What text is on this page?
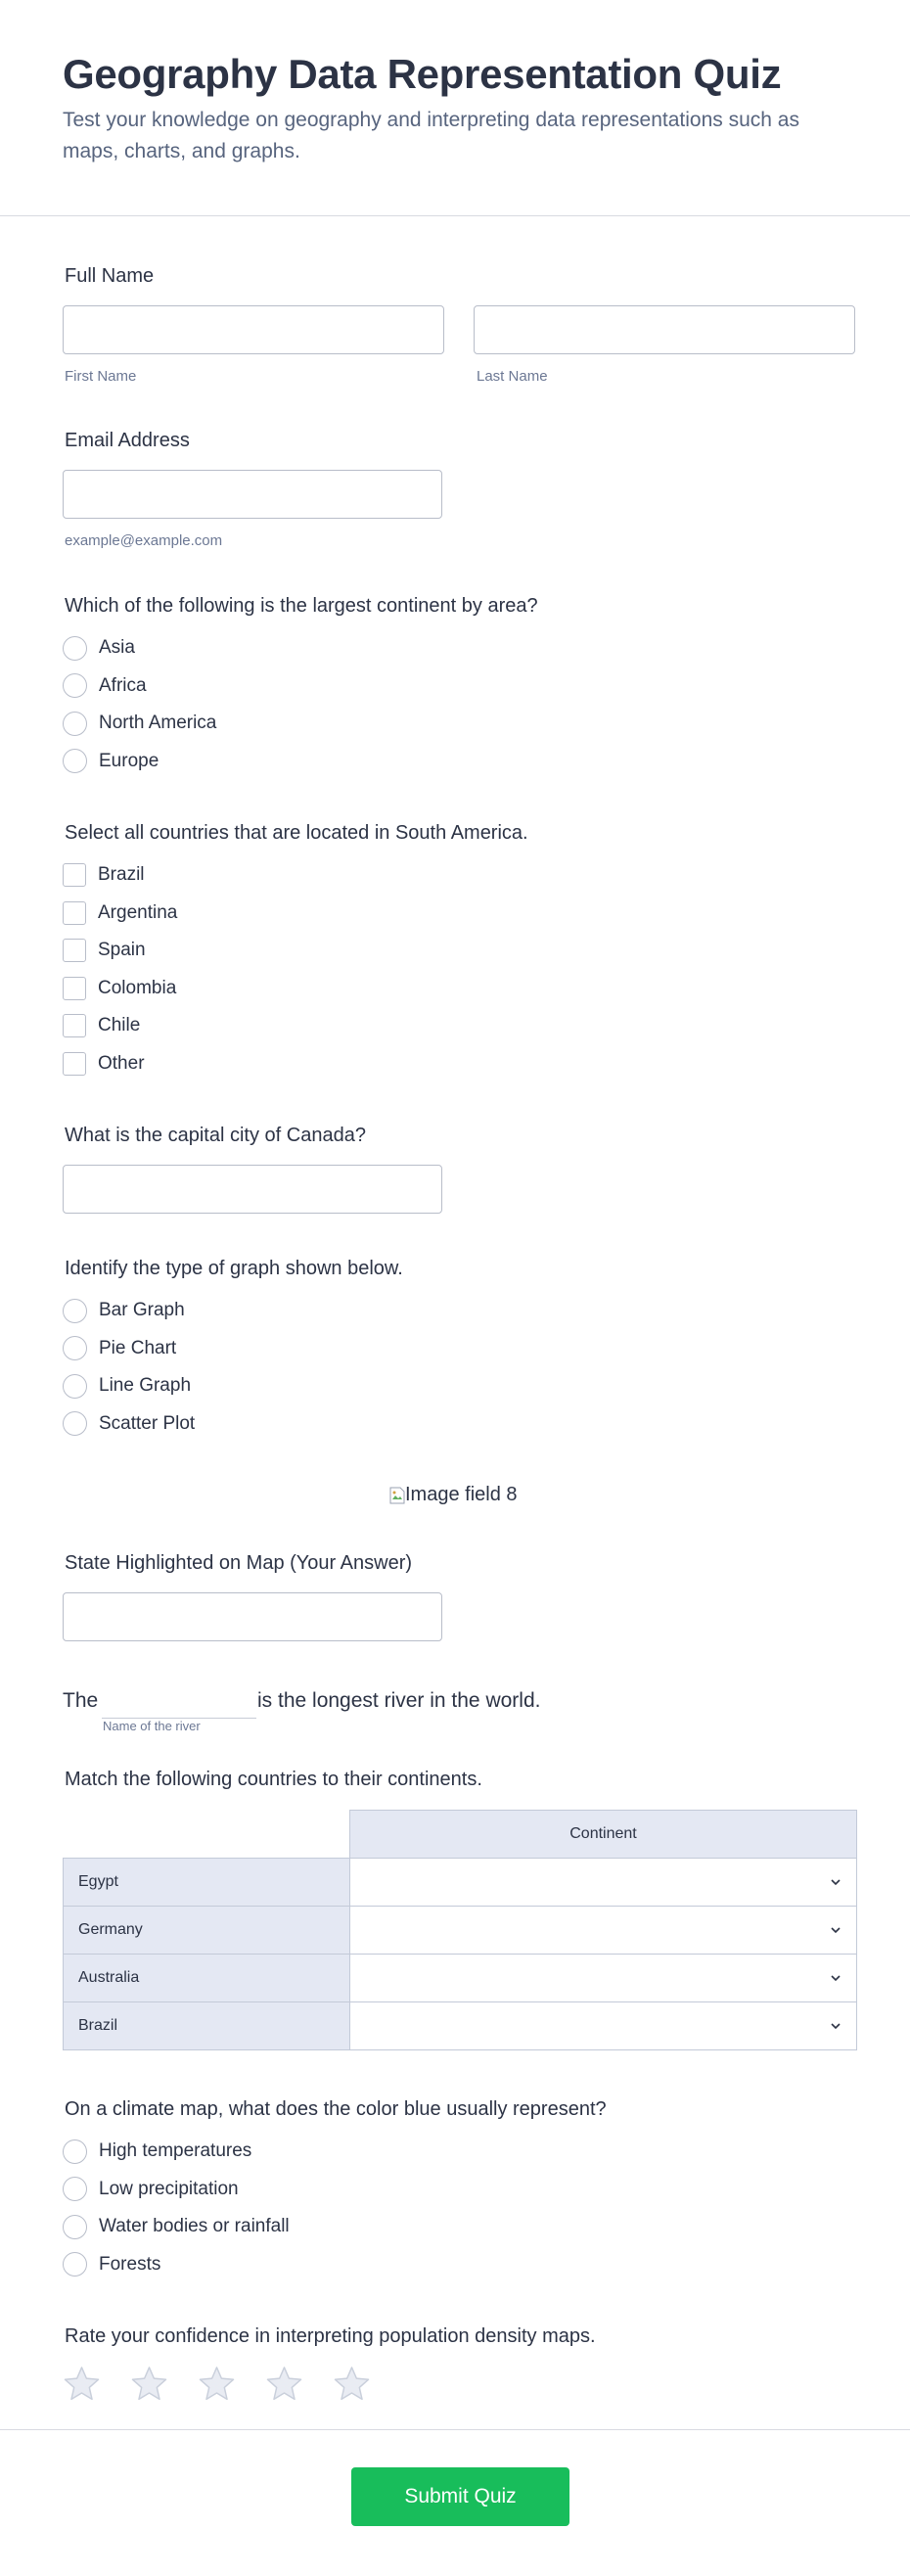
Geography Data Representation Quiz

Test your knowledge on geography and interpreting data representations such as maps, charts, and graphs.

Full Name
First Name	Last Name
Email Address
example@example.com
Which of the following is the largest continent by area?
Asia
Africa
North America
Europe
Select all countries that are located in South America.
Brazil
Argentina
Spain
Colombia
Chile
Other
What is the capital city of Canada?
Identify the type of graph shown below.
Bar Graph
Pie Chart
Line Graph
Scatter Plot
Image field 8
State Highlighted on Map (Your Answer)
The	is the longest river in the world.
Name of the river
Match the following countries to their continents.
	Continent
Egypt	

Germany	

Australia	

Brazil	
On a climate map, what does the color blue usually represent?
High temperatures
Low precipitation
Water bodies or rainfall
Forests
Rate your confidence in interpreting population density maps.
Submit Quiz
